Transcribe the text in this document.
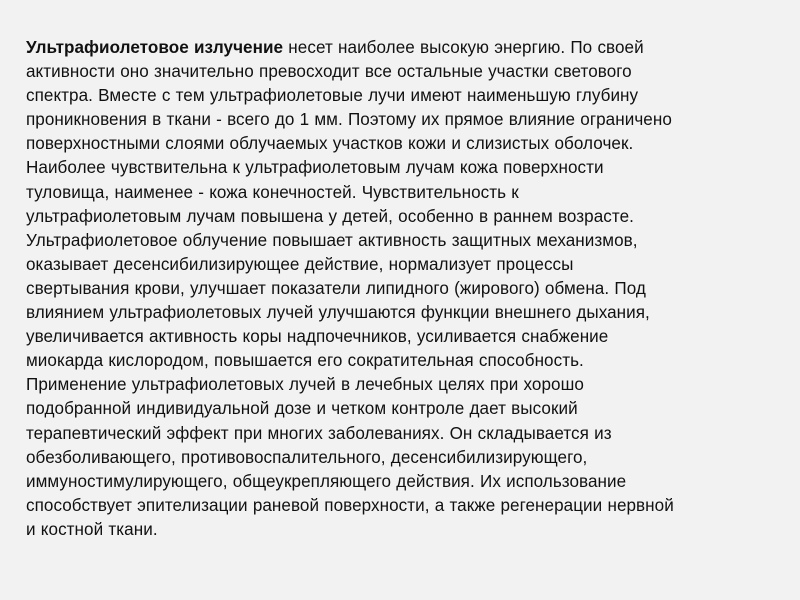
Ультрафиолетовое излучение несет наиболее высокую энергию. По своей
активности оно значительно превосходит все остальные участки светового
спектра. Вместе с тем ультрафиолетовые лучи имеют наименьшую глубину
проникновения в ткани - всего до 1 мм. Поэтому их прямое влияние ограничено
поверхностными слоями облучаемых участков кожи и слизистых оболочек.
Наиболее чувствительна к ультрафиолетовым лучам кожа поверхности
туловища, наименее - кожа конечностей. Чувствительность к
ультрафиолетовым лучам повышена у детей, особенно в раннем возрасте.
Ультрафиолетовое облучение повышает активность защитных механизмов,
оказывает десенсибилизирующее действие, нормализует процессы
свертывания крови, улучшает показатели липидного (жирового) обмена. Под
влиянием ультрафиолетовых лучей улучшаются функции внешнего дыхания,
увеличивается активность коры надпочечников, усиливается снабжение
миокарда кислородом, повышается его сократительная способность.
Применение ультрафиолетовых лучей в лечебных целях при хорошо
подобранной индивидуальной дозе и четком контроле дает высокий
терапевтический эффект при многих заболеваниях. Он складывается из
обезболивающего, противовоспалительного, десенсибилизирующего,
иммуностимулирующего, общеукрепляющего действия. Их использование
способствует эпителизации раневой поверхности, а также регенерации нервной
и костной ткани.
